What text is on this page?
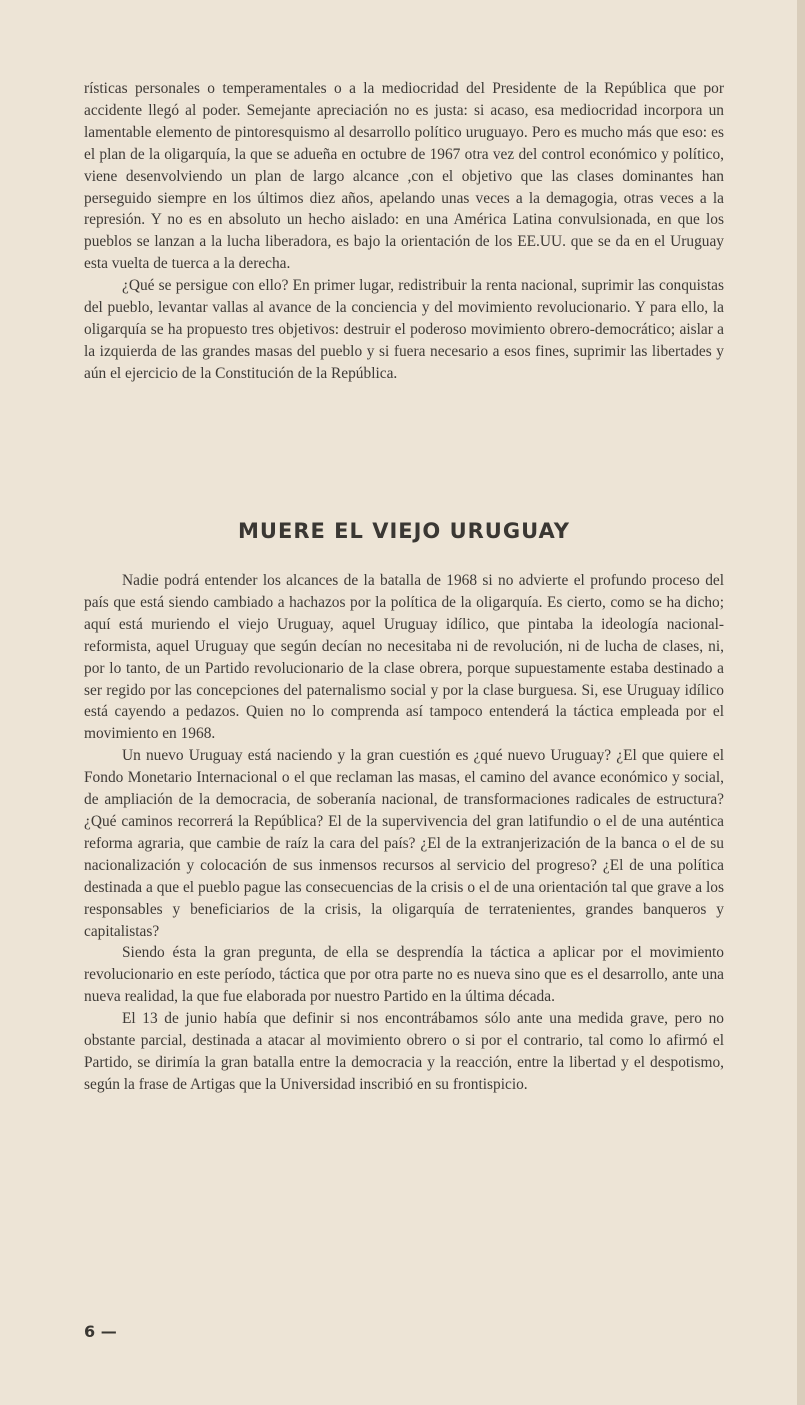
rísticas personales o temperamentales o a la mediocridad del Presidente de la República que por accidente llegó al poder. Semejante apreciación no es justa: si acaso, esa mediocridad incorpora un lamentable elemento de pintoresquismo al desarrollo político uruguayo. Pero es mucho más que eso: es el plan de la oligarquía, la que se adueña en octubre de 1967 otra vez del control económico y político, viene desenvolviendo un plan de largo alcance ,con el objetivo que las clases dominantes han perseguido siempre en los últimos diez años, apelando unas veces a la demagogia, otras veces a la represión. Y no es en absoluto un hecho aislado: en una América Latina convulsionada, en que los pueblos se lanzan a la lucha liberadora, es bajo la orientación de los EE.UU. que se da en el Uruguay esta vuelta de tuerca a la derecha.

¿Qué se persigue con ello? En primer lugar, redistribuir la renta nacional, suprimir las conquistas del pueblo, levantar vallas al avance de la conciencia y del movimiento revolucionario. Y para ello, la oligarquía se ha propuesto tres objetivos: destruir el poderoso movimiento obrero-democrático; aislar a la izquierda de las grandes masas del pueblo y si fuera necesario a esos fines, suprimir las libertades y aún el ejercicio de la Constitución de la República.

MUERE EL VIEJO URUGUAY

Nadie podrá entender los alcances de la batalla de 1968 si no advierte el profundo proceso del país que está siendo cambiado a hachazos por la política de la oligarquía. Es cierto, como se ha dicho; aquí está muriendo el viejo Uruguay, aquel Uruguay idílico, que pintaba la ideología nacional-reformista, aquel Uruguay que según decían no necesitaba ni de revolución, ni de lucha de clases, ni, por lo tanto, de un Partido revolucionario de la clase obrera, porque supuestamente estaba destinado a ser regido por las concepciones del paternalismo social y por la clase burguesa. Si, ese Uruguay idílico está cayendo a pedazos. Quien no lo comprenda así tampoco entenderá la táctica empleada por el movimiento en 1968.

Un nuevo Uruguay está naciendo y la gran cuestión es ¿qué nuevo Uruguay? ¿El que quiere el Fondo Monetario Internacional o el que reclaman las masas, el camino del avance económico y social, de ampliación de la democracia, de soberanía nacional, de transformaciones radicales de estructura? ¿Qué caminos recorrerá la República? El de la supervivencia del gran latifundio o el de una auténtica reforma agraria, que cambie de raíz la cara del país? ¿El de la extranjerización de la banca o el de su nacionalización y colocación de sus inmensos recursos al servicio del progreso? ¿El de una política destinada a que el pueblo pague las consecuencias de la crisis o el de una orientación tal que grave a los responsables y beneficiarios de la crisis, la oligarquía de terratenientes, grandes banqueros y capitalistas?

Siendo ésta la gran pregunta, de ella se desprendía la táctica a aplicar por el movimiento revolucionario en este período, táctica que por otra parte no es nueva sino que es el desarrollo, ante una nueva realidad, la que fue elaborada por nuestro Partido en la última década.

El 13 de junio había que definir si nos encontrábamos sólo ante una medida grave, pero no obstante parcial, destinada a atacar al movimiento obrero o si por el contrario, tal como lo afirmó el Partido, se dirimía la gran batalla entre la democracia y la reacción, entre la libertad y el despotismo, según la frase de Artigas que la Universidad inscribió en su frontispicio.

6 —
